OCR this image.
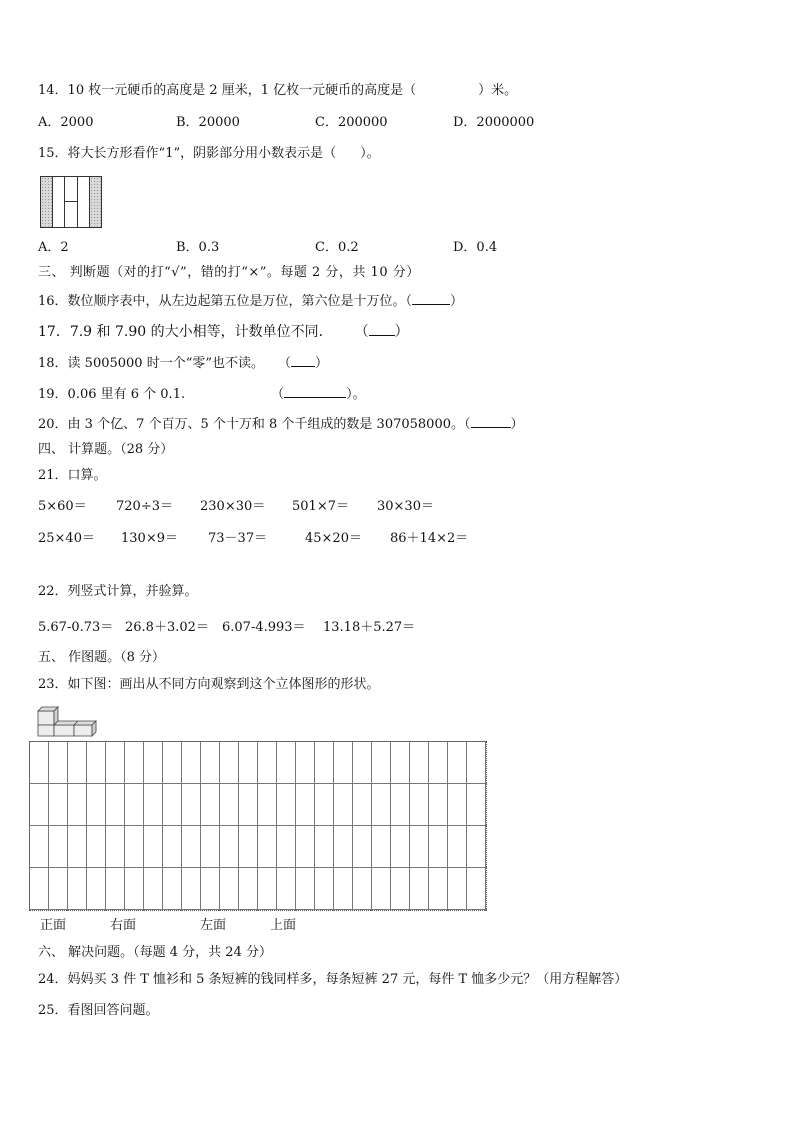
14．10 枚一元硬币的高度是 2 厘米，1 亿枚一元硬币的高度是（	）米。
A．2000	B．20000	C．200000	D．2000000
15．将大长方形看作“1”，阴影部分用小数表示是（ ）。
A．2	B．0.3	C．0.2	D．0.4
三、 判断题（对的打“√”，错的打“×”。每题 2 分，共 10 分）
16．数位顺序表中，从左边起第五位是万位，第六位是十万位。（	）
17．7.9 和 7.90 的大小相等，计数单位不同． （ ）
18．读 5005000 时一个“零”也不读。 （ ）
19．0.06 里有 6 个 0.1.	（	）。
20．由 3 个亿、7 个百万、5 个十万和 8 个千组成的数是 307058000。（	）
四、 计算题。（28 分）
21．口算。
5×60＝ 720÷3＝ 230×30＝ 501×7＝ 30×30＝
25×40＝ 130×9＝ 73－37＝	45×20＝ 86＋14×2＝
22．列竖式计算，并验算。
5.67-0.73＝ 26.8＋3.02＝ 6.07-4.993＝ 13.18＋5.27＝
五、 作图题。（8 分）
23．如下图：画出从不同方向观察到这个立体图形的形状。
正面	右面	左面	上面
六、 解决问题。（每题 4 分，共 24 分）
24．妈妈买 3 件 T 恤衫和 5 条短裤的钱同样多，每条短裤 27 元，每件 T 恤多少元？（用方程解答）
25．看图回答问题。
